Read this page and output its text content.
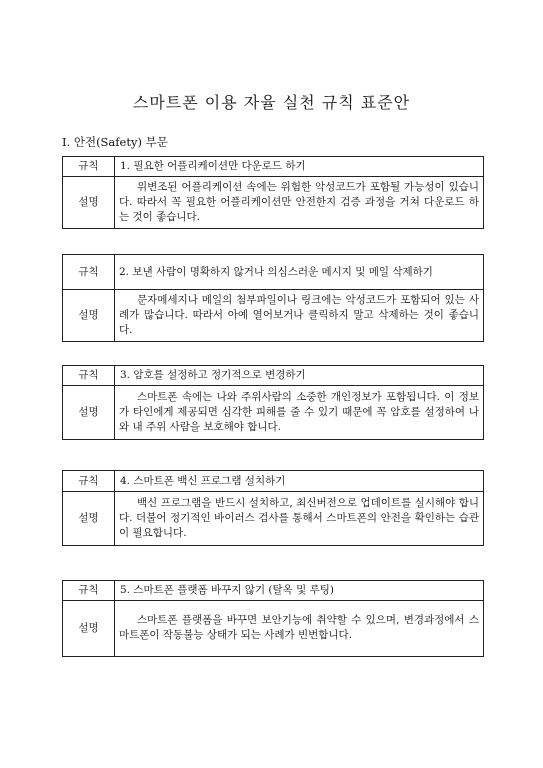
스마트폰 이용 자율 실천 규칙 표준안

Ⅰ. 안전(Safety) 부문

규칙	1. 필요한 어플리케이션만 다운로드 하기
설명	위변조된 어플리케이션 속에는 위험한 악성코드가 포함될 가능성이 있습니다. 따라서 꼭 필요한 어플리케이션만 안전한지 검증 과정을 거쳐 다운로드 하는 것이 좋습니다.
규칙	2. 보낸 사람이 명확하지 않거나 의심스러운 메시지 및 메일 삭제하기
설명	문자메세지나 메일의 첨부파일이나 링크에는 악성코드가 포함되어 있는 사례가 많습니다. 따라서 아예 열어보거나 클릭하지 말고 삭제하는 것이 좋습니다.
규칙	3. 암호를 설정하고 정기적으로 변경하기
설명	스마트폰 속에는 나와 주위사람의 소중한 개인정보가 포함됩니다. 이 정보가 타인에게 제공되면 심각한 피해를 줄 수 있기 때문에 꼭 암호를 설정하여 나와 내 주위 사람을 보호해야 합니다.
규칙	4. 스마트폰 백신 프로그램 설치하기
설명	백신 프로그램을 반드시 설치하고, 최신버전으로 업데이트를 실시해야 합니다. 더불어 정기적인 바이러스 검사를 통해서 스마트폰의 안전을 확인하는 습관이 필요합니다.
규칙	5. 스마트폰 플랫폼 바꾸지 않기 (탈옥 및 루팅)
설명	스마트폰 플랫폼을 바꾸면 보안기능에 취약할 수 있으며, 변경과정에서 스마트폰이 작동불능 상태가 되는 사례가 빈번합니다.
